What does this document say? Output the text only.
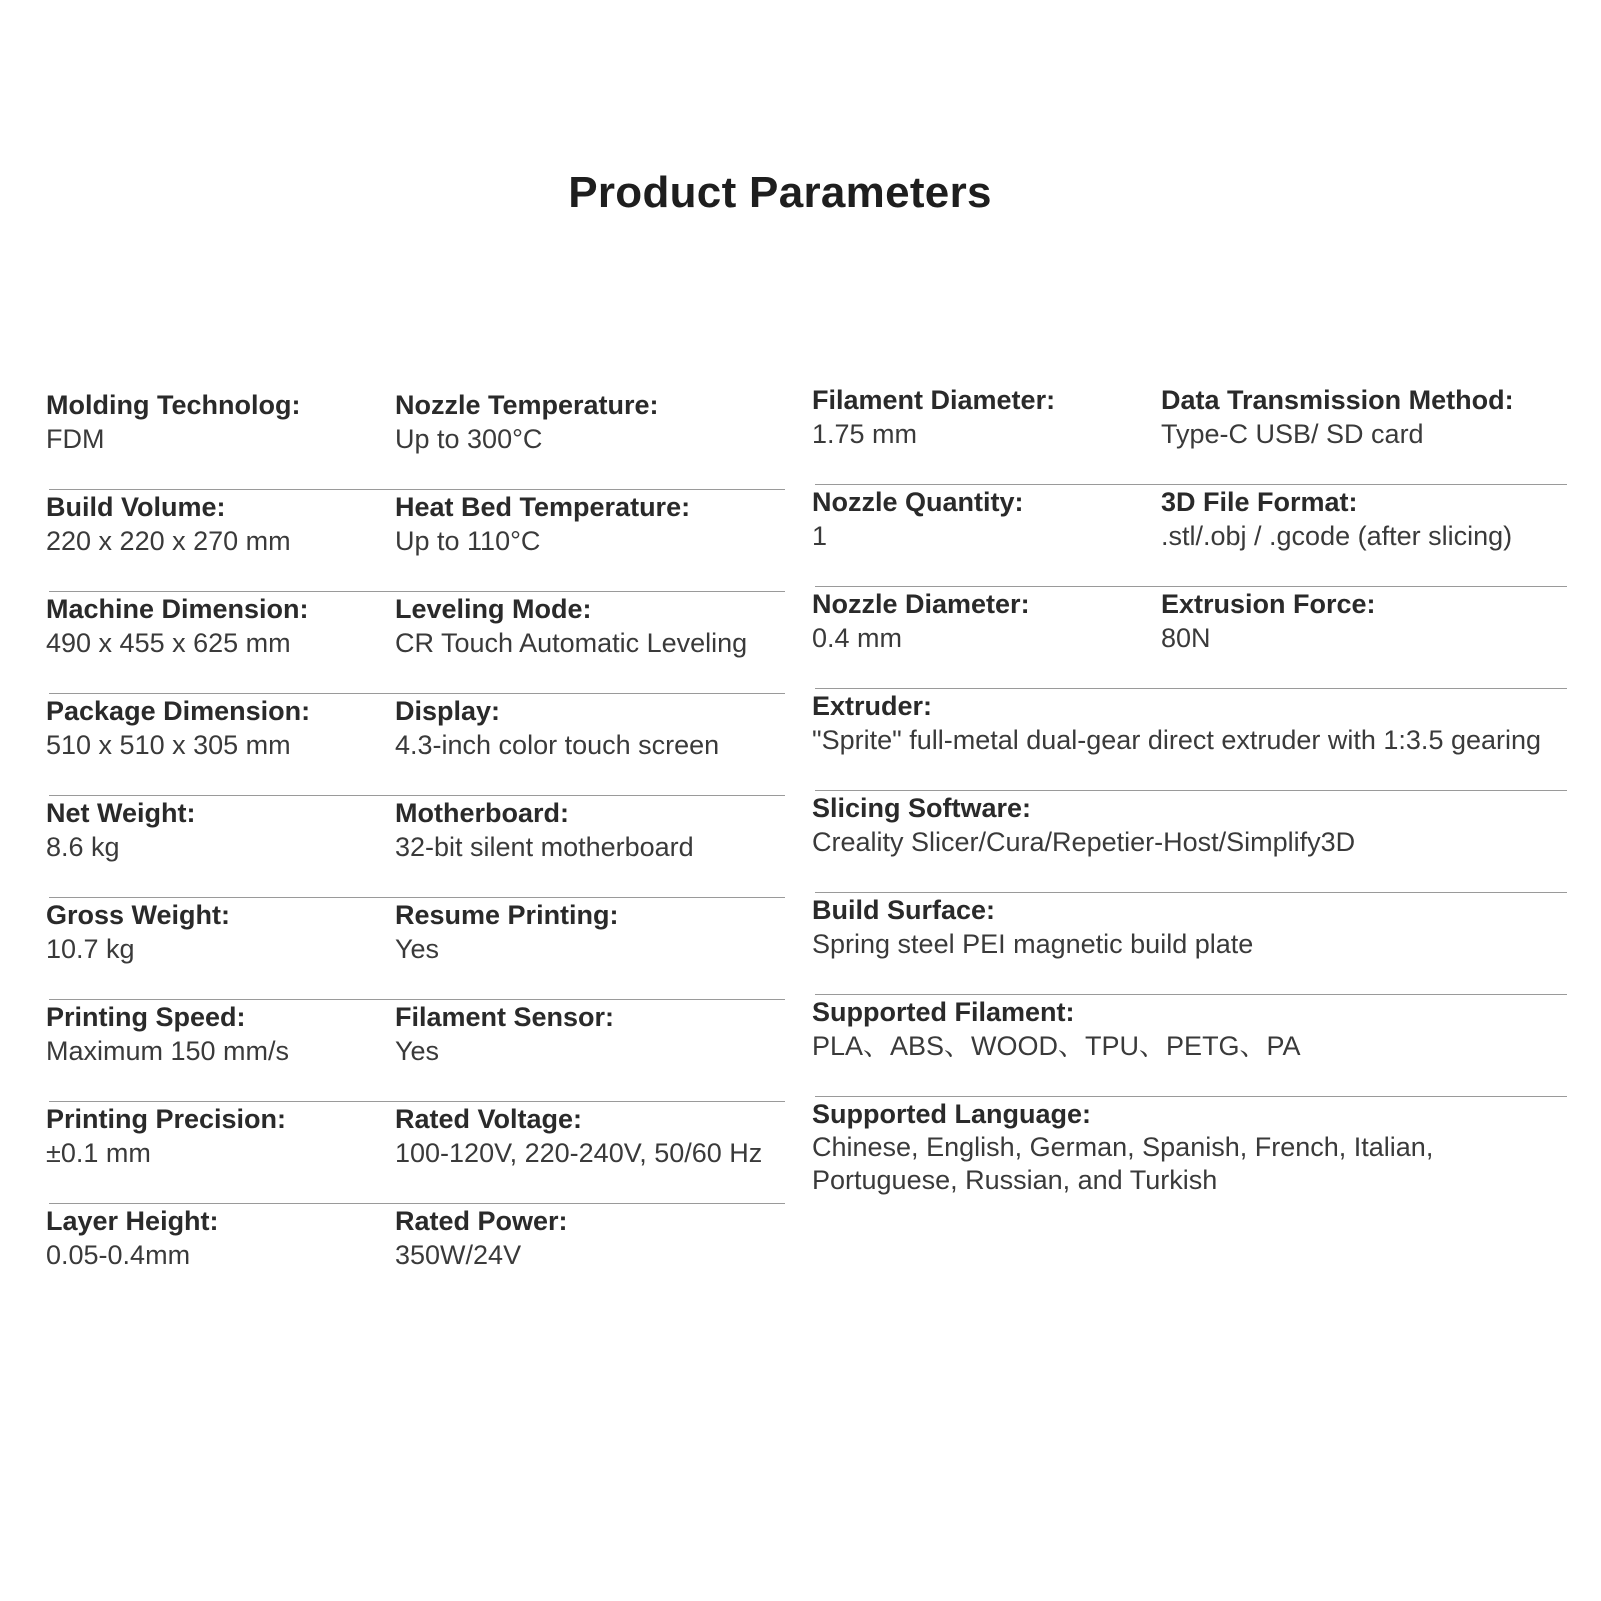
Product Parameters
Molding Technolog:
FDM
Nozzle Temperature:
Up to 300°C
Build Volume:
220 x 220 x 270 mm
Heat Bed Temperature:
Up to 110°C
Machine Dimension:
490 x 455 x 625 mm
Leveling Mode:
CR Touch Automatic Leveling
Package Dimension:
510 x 510 x 305 mm
Display:
4.3-inch color touch screen
Net Weight:
8.6 kg
Motherboard:
32-bit silent motherboard
Gross Weight:
10.7 kg
Resume Printing:
Yes
Printing Speed:
Maximum 150 mm/s
Filament Sensor:
Yes
Printing Precision:
±0.1 mm
Rated Voltage:
100-120V, 220-240V, 50/60 Hz
Layer Height:
0.05-0.4mm
Rated Power:
350W/24V
Filament Diameter:
1.75 mm
Data Transmission Method:
Type-C USB/ SD card
Nozzle Quantity:
1
3D File Format:
.stl/.obj / .gcode (after slicing)
Nozzle Diameter:
0.4 mm
Extrusion Force:
80N
Extruder:
"Sprite" full-metal dual-gear direct extruder with 1:3.5 gearing
Slicing Software:
Creality Slicer/Cura/Repetier-Host/Simplify3D
Build Surface:
Spring steel PEI magnetic build plate
Supported Filament:
PLA、ABS、WOOD、TPU、PETG、PA
Supported Language:
Chinese, English, German, Spanish, French, Italian, Portuguese, Russian, and Turkish
